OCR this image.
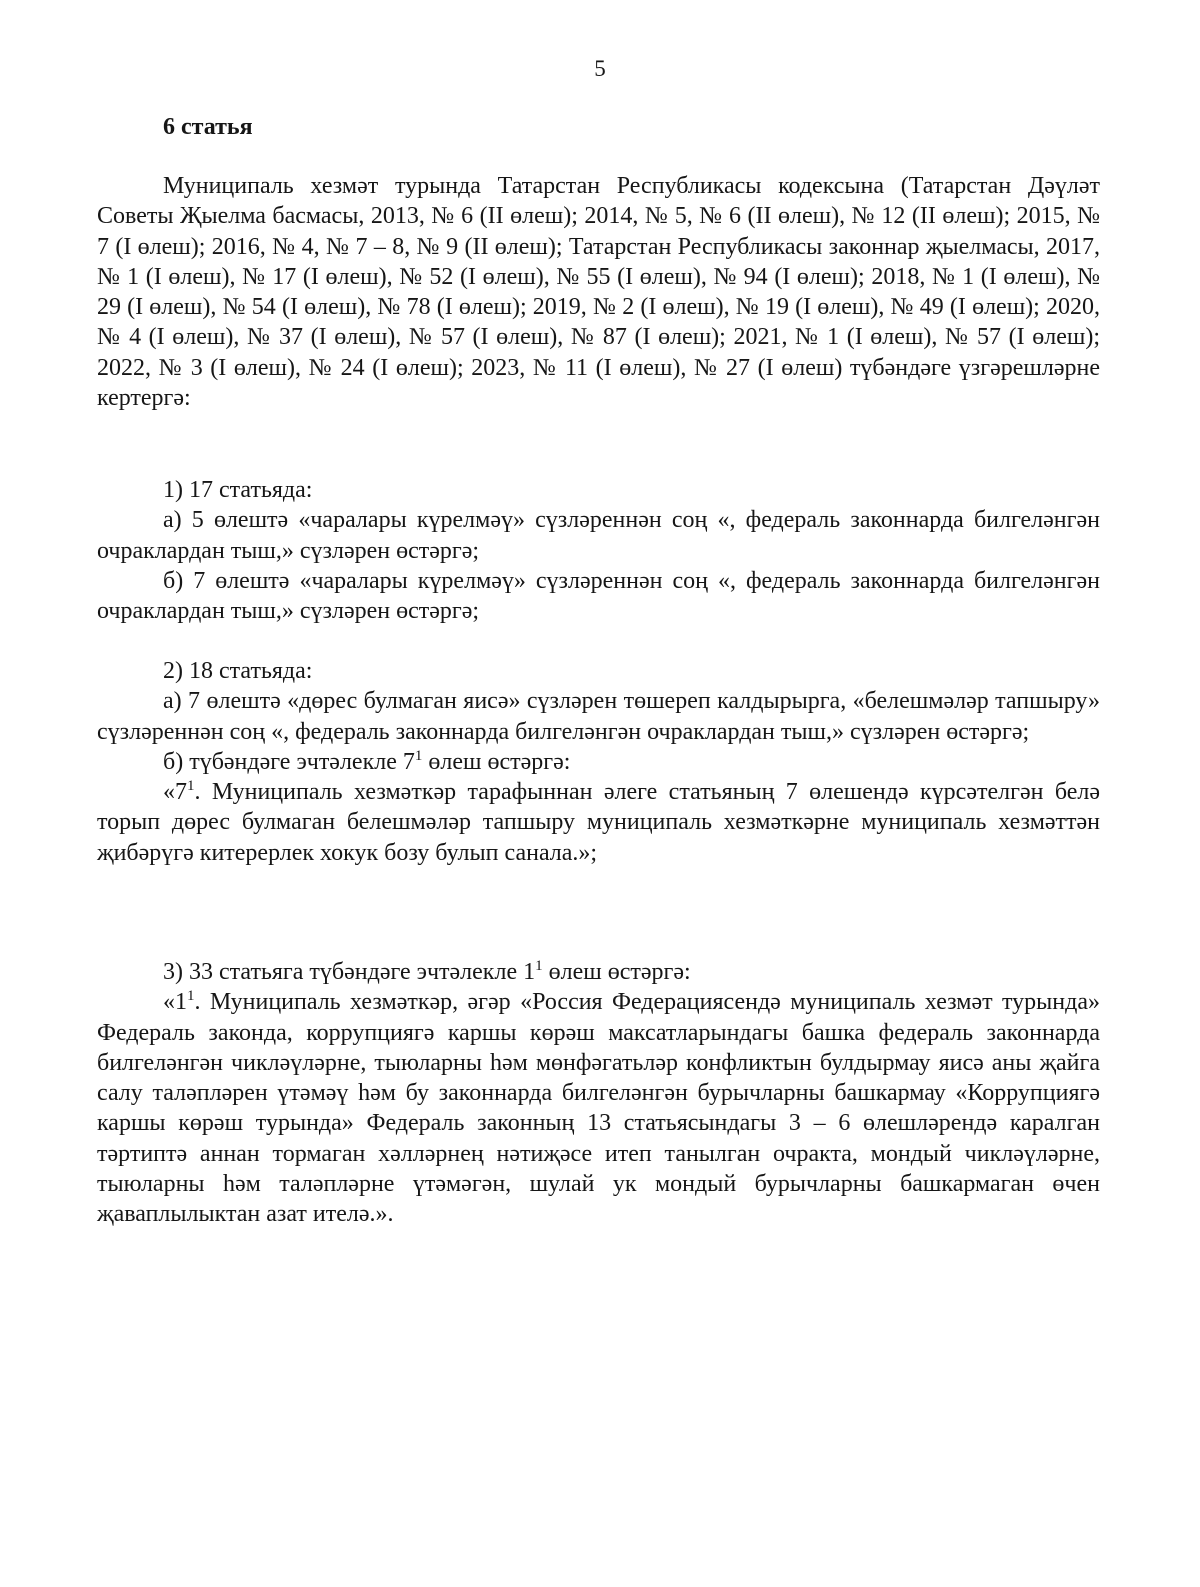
5
6 статья

Муниципаль хезмәт турында Татарстан Республикасы кодексына (Татарстан Дәүләт Советы Җыелма басмасы, 2013, № 6 (II өлеш); 2014, № 5, № 6 (II өлеш), № 12 (II өлеш); 2015, № 7 (I өлеш); 2016, № 4, № 7 – 8, № 9 (II өлеш); Татарстан Республикасы законнар җыелмасы, 2017, № 1 (I өлеш), № 17 (I өлеш), № 52 (I өлеш), № 55 (I өлеш), № 94 (I өлеш); 2018, № 1 (I өлеш), № 29 (I өлеш), № 54 (I өлеш), № 78 (I өлеш); 2019, № 2 (I өлеш), № 19 (I өлеш), № 49 (I өлеш); 2020, № 4 (I өлеш), № 37 (I өлеш), № 57 (I өлеш), № 87 (I өлеш); 2021, № 1 (I өлеш), № 57 (I өлеш); 2022, № 3 (I өлеш), № 24 (I өлеш); 2023, № 11 (I өлеш), № 27 (I өлеш) түбәндәге үзгәрешләрне кертергә:

1) 17 статьяда:

а) 5 өлештә «чаралары күрелмәү» сүзләреннән соң «, федераль законнарда билгеләнгән очраклардан тыш,» сүзләрен өстәргә;

б) 7 өлештә «чаралары күрелмәү» сүзләреннән соң «, федераль законнарда билгеләнгән очраклардан тыш,» сүзләрен өстәргә;

2) 18 статьяда:

а) 7 өлештә «дөрес булмаган яисә» сүзләрен төшереп калдырырга, «белешмәләр тапшыру» сүзләреннән соң «, федераль законнарда билгеләнгән очраклардан тыш,» сүзләрен өстәргә;

б) түбәндәге эчтәлекле $7^1$ өлеш өстәргә:

«$7^1$. Муниципаль хезмәткәр тарафыннан әлеге статьяның 7 өлешендә күрсәтелгән белә торып дөрес булмаган белешмәләр тапшыру муниципаль хезмәткәрне муниципаль хезмәттән җибәрүгә китерерлек хокук бозу булып санала.»;

3) 33 статьяга түбәндәге эчтәлекле $1^1$ өлеш өстәргә:

«$1^1$. Муниципаль хезмәткәр, әгәр «Россия Федерациясендә муниципаль хезмәт турында» Федераль законда, коррупциягә каршы көрәш максатларындагы башка федераль законнарда билгеләнгән чикләүләрне, тыюларны һәм мөнфәгатьләр конфликтын булдырмау яисә аны җайга салу таләпләрен үтәмәү һәм бу законнарда билгеләнгән бурычларны башкармау «Коррупциягә каршы көрәш турында» Федераль законның 13 статьясындагы 3 – 6 өлешләрендә каралган тәртиптә аннан тормаган хәлләрнең нәтиҗәсе итеп танылган очракта, мондый чикләүләрне, тыюларны һәм таләпләрне үтәмәгән, шулай ук мондый бурычларны башкармаган өчен җаваплылыктан азат ителә.».
